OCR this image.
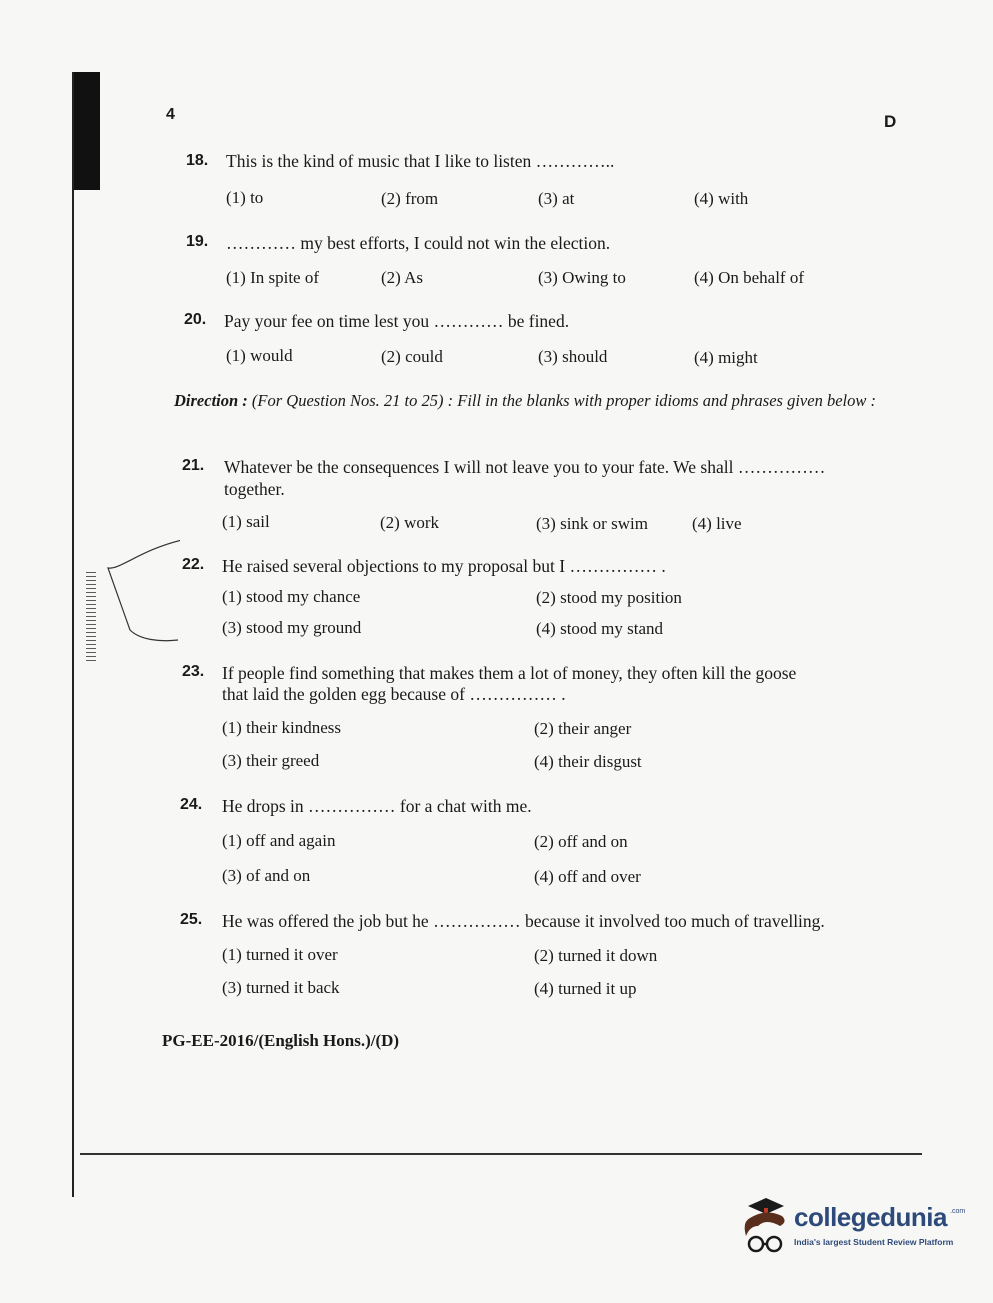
4	D
18. This is the kind of music that I like to listen …………..
(1) to	(2) from	(3) at	(4) with
19. ………… my best efforts, I could not win the election.
(1) In spite of	(2) As	(3) Owing to	(4) On behalf of
20. Pay your fee on time lest you ………… be fined.
(1) would	(2) could	(3) should	(4) might
Direction : (For Question Nos. 21 to 25) : Fill in the blanks with proper idioms and phrases given below :
21. Whatever be the consequences I will not leave you to your fate. We shall ……………
together.
(1) sail	(2) work	(3) sink or swim	(4) live
22. He raised several objections to my proposal but I …………… .
(1) stood my chance	(2) stood my position
(3) stood my ground	(4) stood my stand
23. If people find something that makes them a lot of money, they often kill the goose
that laid the golden egg because of …………… .
(1) their kindness	(2) their anger
(3) their greed	(4) their disgust
24. He drops in …………… for a chat with me.
(1) off and again	(2) off and on
(3) of and on	(4) off and over
25. He was offered the job but he …………… because it involved too much of travelling.
(1) turned it over	(2) turned it down
(3) turned it back	(4) turned it up
PG-EE-2016/(English Hons.)/(D)
collegedunia .com
India's largest Student Review Platform
